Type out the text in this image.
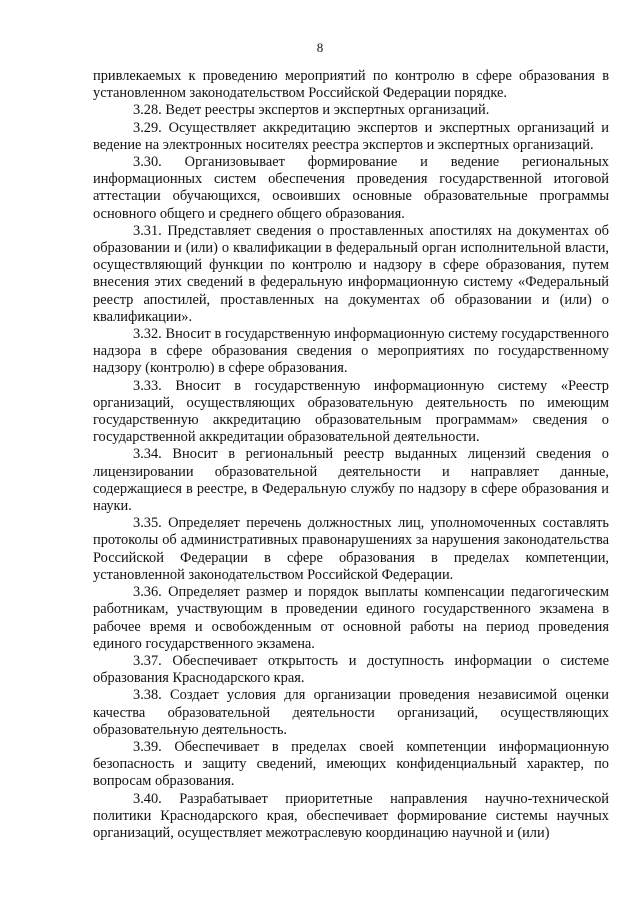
8

привлекаемых к проведению мероприятий по контролю в сфере образования в установленном законодательством Российской Федерации порядке.

3.28. Ведет реестры экспертов и экспертных организаций.

3.29. Осуществляет аккредитацию экспертов и экспертных организаций и ведение на электронных носителях реестра экспертов и экспертных организаций.

3.30. Организовывает формирование и ведение региональных информационных систем обеспечения проведения государственной итоговой аттестации обучающихся, освоивших основные образовательные программы основного общего и среднего общего образования.

3.31. Представляет сведения о проставленных апостилях на документах об образовании и (или) о квалификации в федеральный орган исполнительной власти, осуществляющий функции по контролю и надзору в сфере образования, путем внесения этих сведений в федеральную информационную систему «Федеральный реестр апостилей, проставленных на документах об образовании и (или) о квалификации».

3.32. Вносит в государственную информационную систему государственного надзора в сфере образования сведения о мероприятиях по государственному надзору (контролю) в сфере образования.

3.33. Вносит в государственную информационную систему «Реестр организаций, осуществляющих образовательную деятельность по имеющим государственную аккредитацию образовательным программам» сведения о государственной аккредитации образовательной деятельности.

3.34. Вносит в региональный реестр выданных лицензий сведения о лицензировании образовательной деятельности и направляет данные, содержащиеся в реестре, в Федеральную службу по надзору в сфере образования и науки.

3.35. Определяет перечень должностных лиц, уполномоченных составлять протоколы об административных правонарушениях за нарушения законодательства Российской Федерации в сфере образования в пределах компетенции, установленной законодательством Российской Федерации.

3.36. Определяет размер и порядок выплаты компенсации педагогическим работникам, участвующим в проведении единого государственного экзамена в рабочее время и освобожденным от основной работы на период проведения единого государственного экзамена.

3.37. Обеспечивает открытость и доступность информации о системе образования Краснодарского края.

3.38. Создает условия для организации проведения независимой оценки качества образовательной деятельности организаций, осуществляющих образовательную деятельность.

3.39. Обеспечивает в пределах своей компетенции информационную безопасность и защиту сведений, имеющих конфиденциальный характер, по вопросам образования.

3.40. Разрабатывает приоритетные направления научно-технической политики Краснодарского края, обеспечивает формирование системы научных организаций, осуществляет межотраслевую координацию научной и (или)
